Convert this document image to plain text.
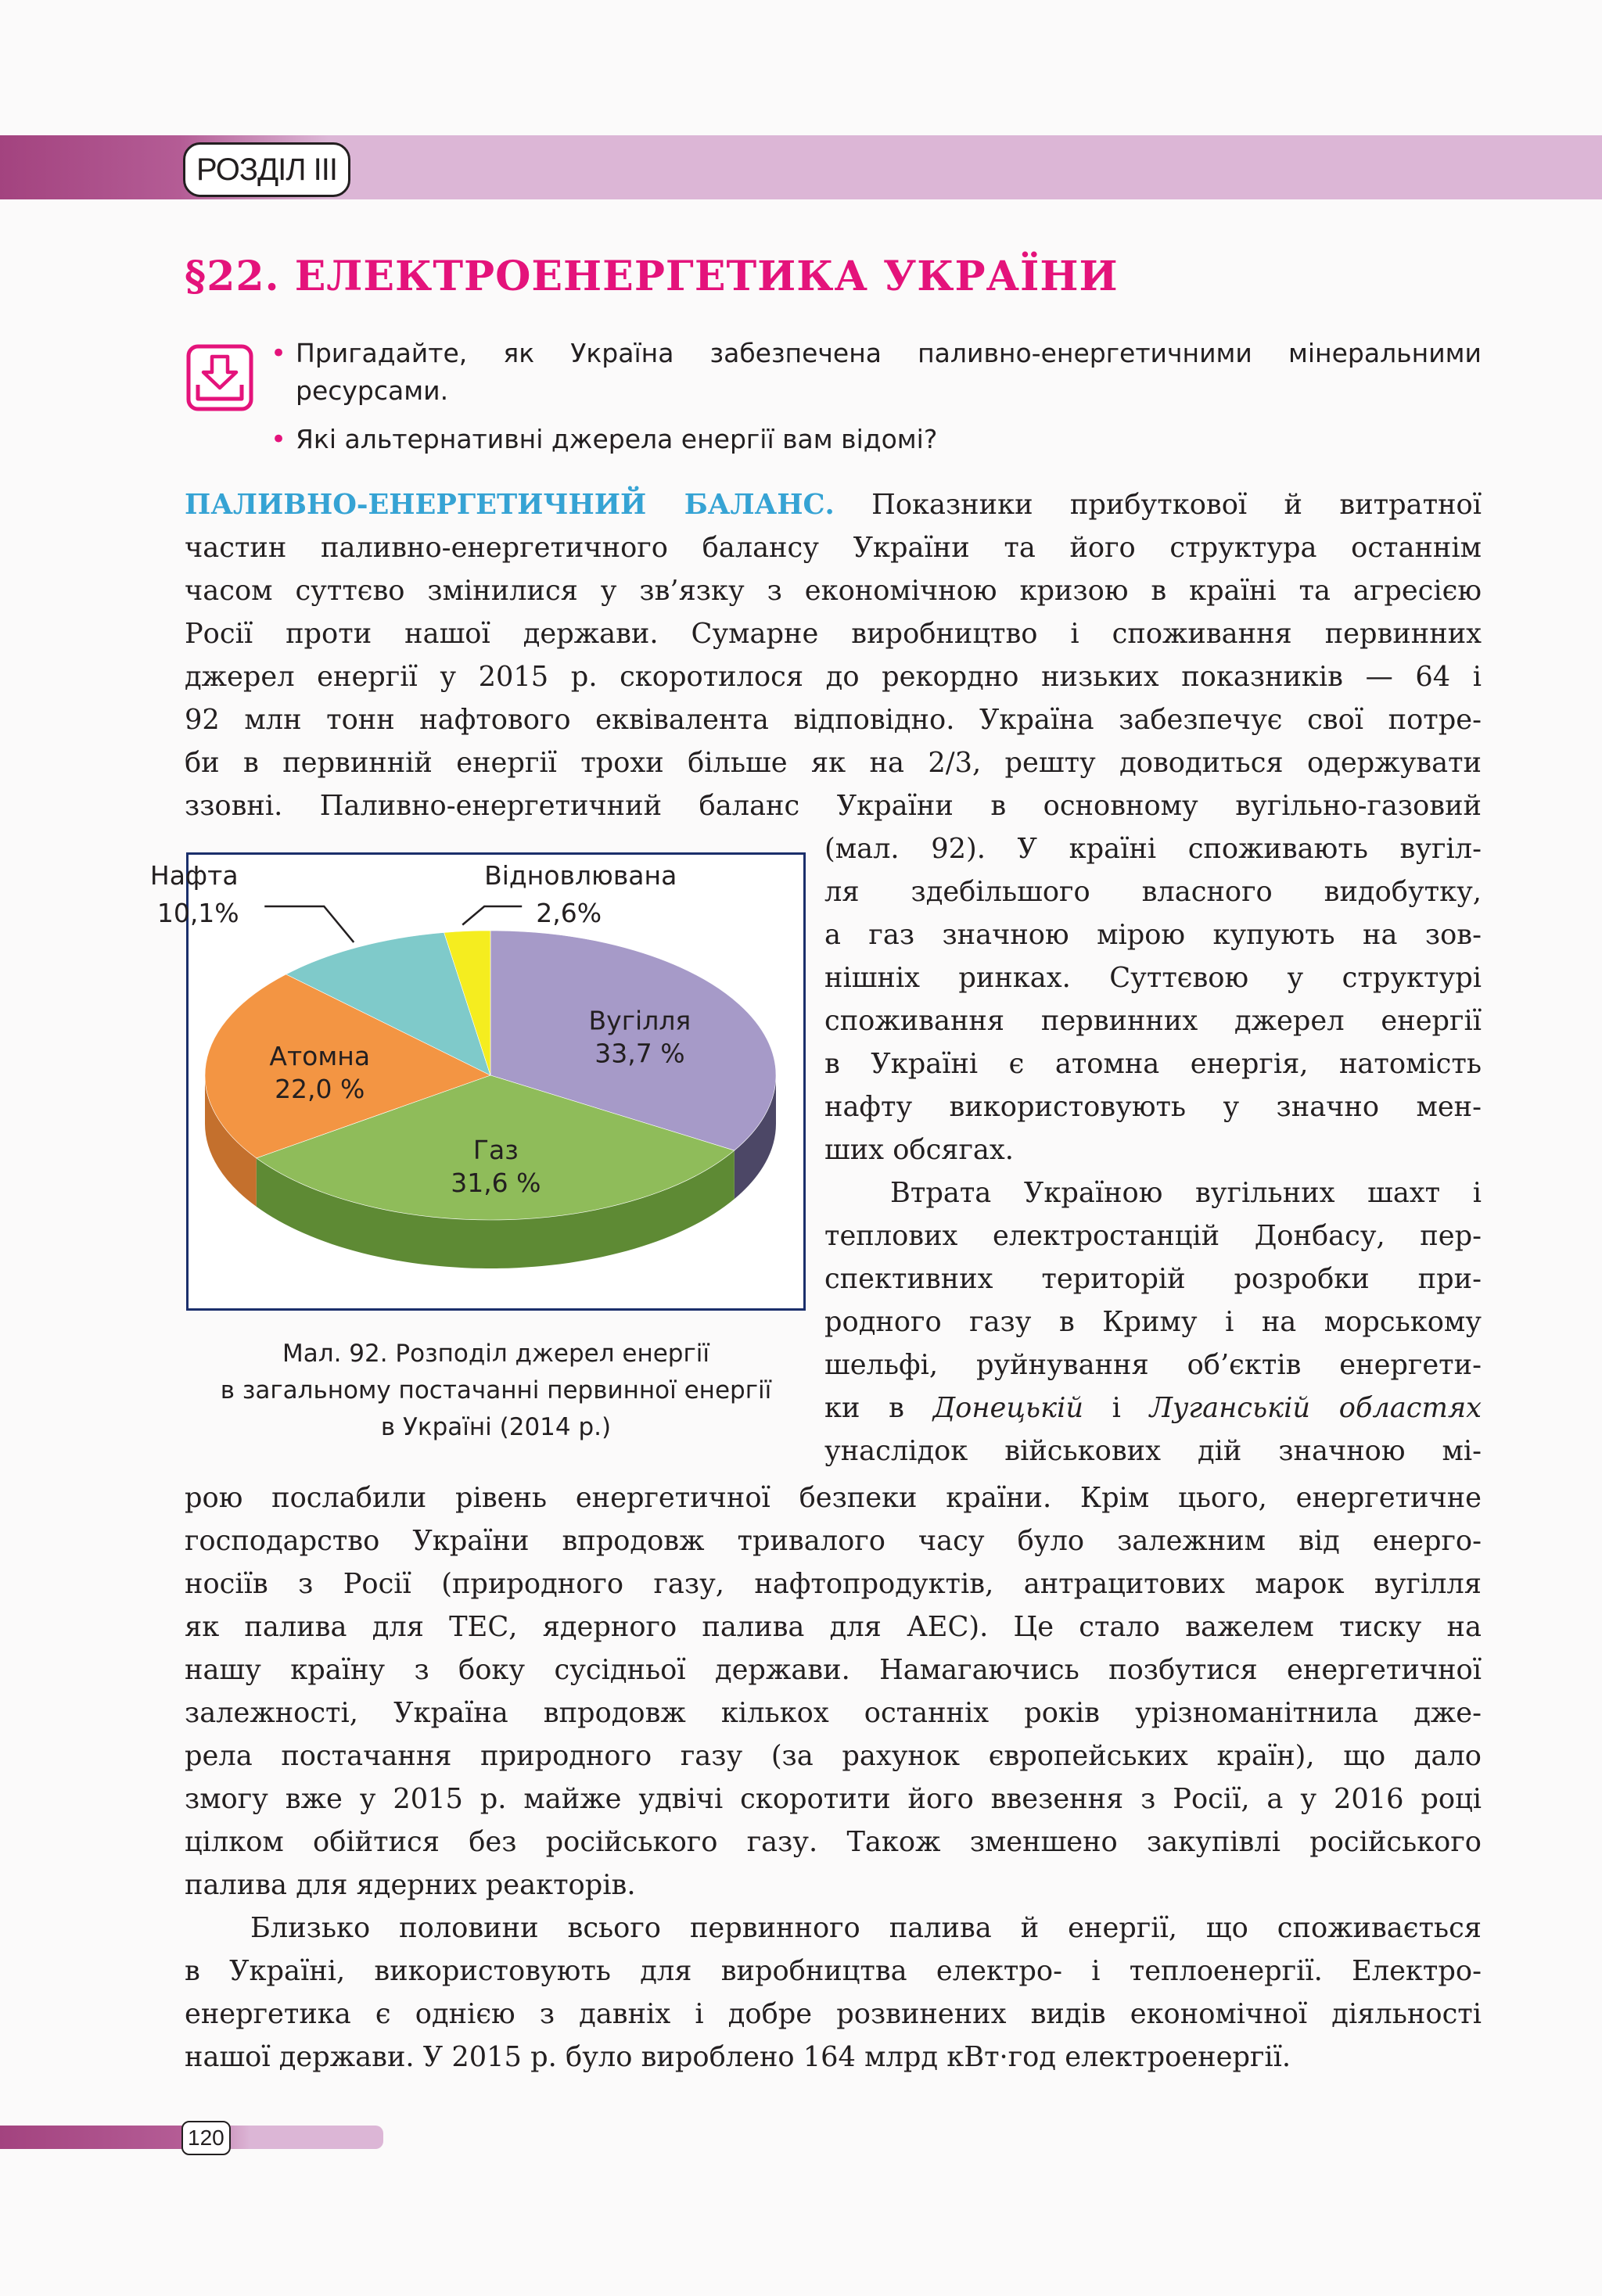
РОЗДІЛ III
§22. ЕЛЕКТРОЕНЕРГЕТИКА УКРАЇНИ
• Пригадайте, як Україна забезпечена паливно-енергетичними мінеральними ресурсами.
• Які альтернативні джерела енергії вам відомі?

ПАЛИВНО-ЕНЕРГЕТИЧНИЙ БАЛАНС. Показники прибуткової й витратної
частин паливно-енергетичного балансу України та його структура останнім
часом суттєво змінилися у зв’язку з економічною кризою в країні та агресією
Росії проти нашої держави. Сумарне виробництво і споживання первинних
джерел енергії у 2015 р. скоротилося до рекордно низьких показників — 64 і
92 млн тонн нафтового еквівалента відповідно. Україна забезпечує свої потре-
би в первинній енергії трохи більше як на 2/3, решту доводиться одержувати
ззовні. Паливно-енергетичний баланс України в основному вугільно-газовий

(мал. 92). У країні споживають вугіл-
ля здебільшого власного видобутку,
а газ значною мірою купують на зов-
нішніх ринках. Суттєвою у структурі
споживання первинних джерел енергії
в Україні є атомна енергія, натомість
нафту використовують у значно мен-
ших обсягах.
Втрата Україною вугільних шахт і
теплових електростанцій Донбасу, пер-
спективних територій розробки при-
родного газу в Криму і на морському
шельфі, руйнування об’єктів енергети-
ки в Донецькій і Луганській областях
унаслідок військових дій значною мі-

Вугілля
33,7 %
Газ
31,6 %
Атомна
22,0 %
Нафта
10,1%
Відновлювана
2,6%
Мал. 92. Розподіл джерел енергії
в загальному постачанні первинної енергії
в Україні (2014 р.)

рою послабили рівень енергетичної безпеки країни. Крім цього, енергетичне
господарство України впродовж тривалого часу було залежним від енерго-
носіїв з Росії (природного газу, нафтопродуктів, антрацитових марок вугілля
як палива для ТЕС, ядерного палива для АЕС). Це стало важелем тиску на
нашу країну з боку сусідньої держави. Намагаючись позбутися енергетичної
залежності, Україна впродовж кількох останніх років урізноманітнила дже-
рела постачання природного газу (за рахунок європейських країн), що дало
змогу вже у 2015 р. майже удвічі скоротити його ввезення з Росії, а у 2016 році
цілком обійтися без російського газу. Також зменшено закупівлі російського
палива для ядерних реакторів.
Близько половини всього первинного палива й енергії, що споживається
в Україні, використовують для виробництва електро- і теплоенергії. Електро-
енергетика є однією з давніх і добре розвинених видів економічної діяльності
нашої держави. У 2015 р. було вироблено 164 млрд кВт·год електроенергії.

120
